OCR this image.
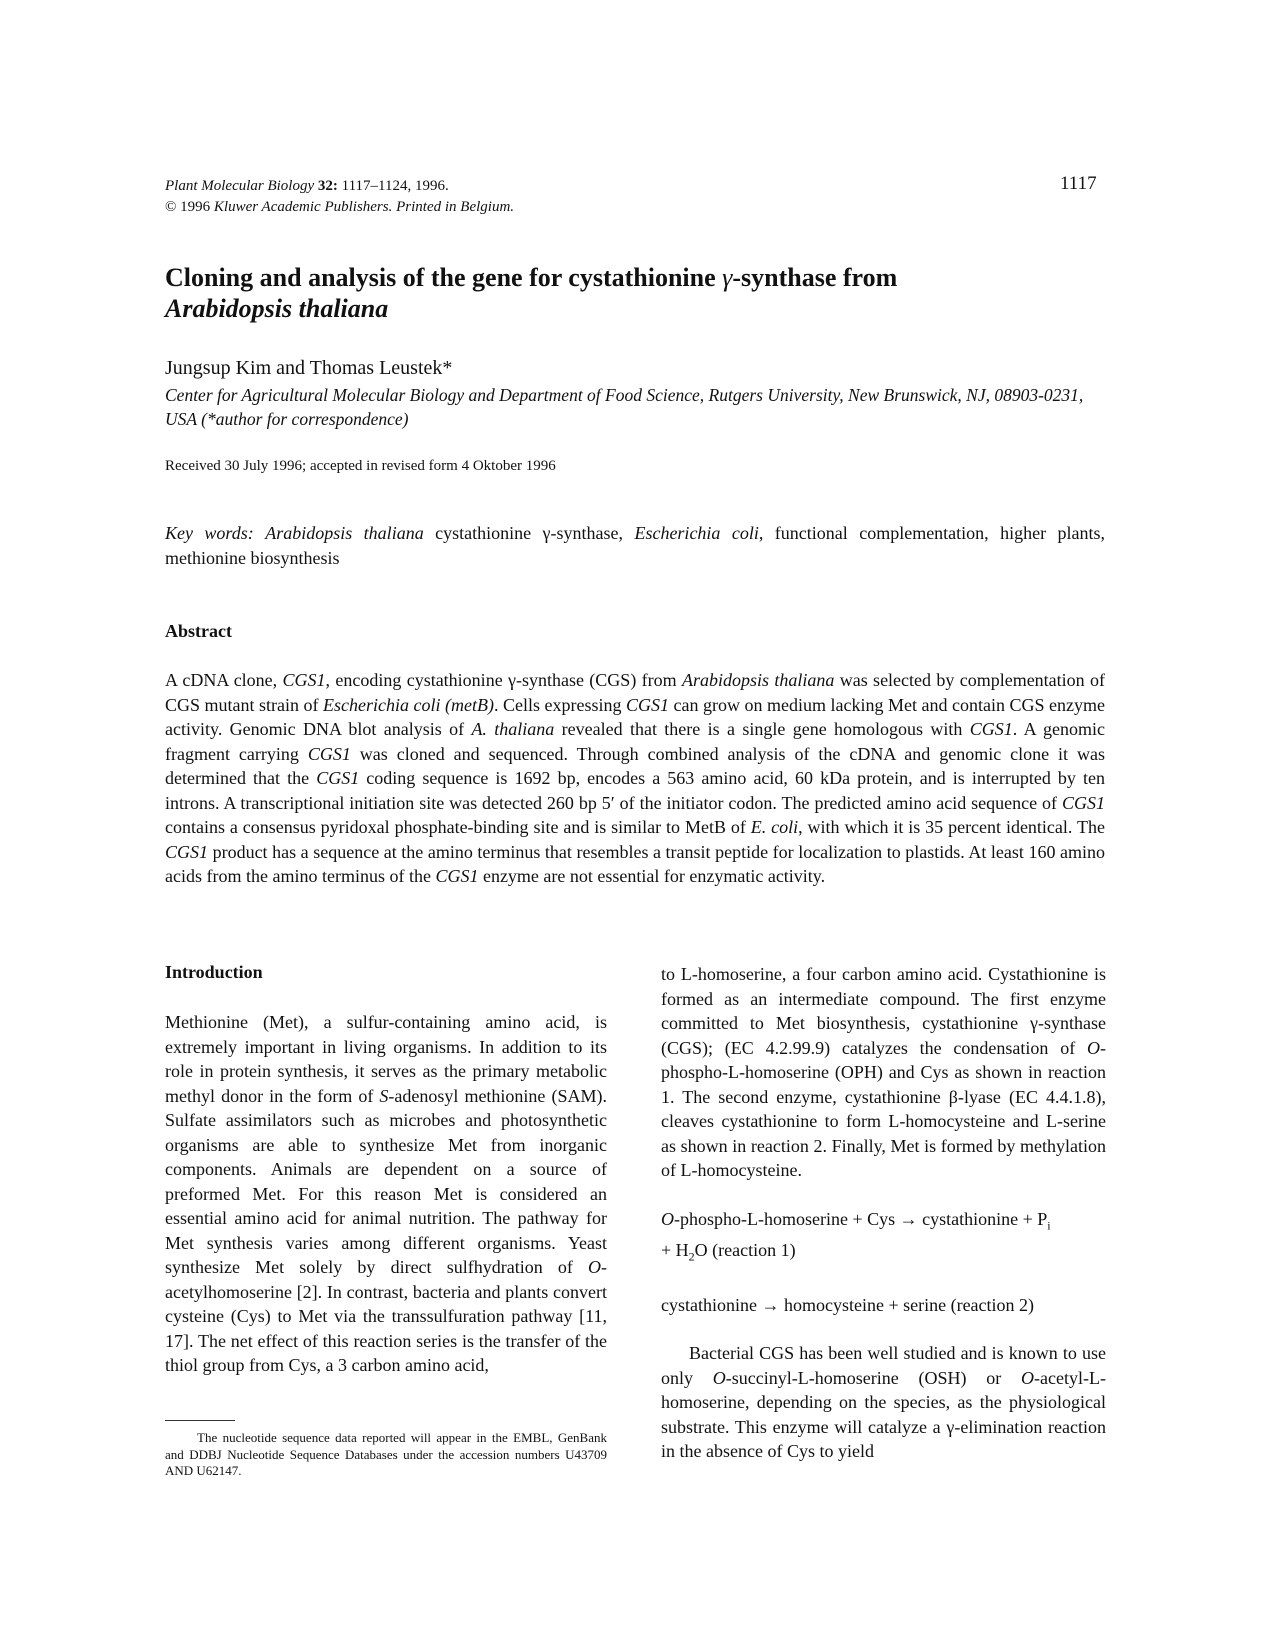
Plant Molecular Biology 32: 1117–1124, 1996.
© 1996 Kluwer Academic Publishers. Printed in Belgium.
1117
Cloning and analysis of the gene for cystathionine γ-synthase from
Arabidopsis thaliana
Jungsup Kim and Thomas Leustek*
Center for Agricultural Molecular Biology and Department of Food Science, Rutgers University, New Brunswick, NJ, 08903-0231, USA (*author for correspondence)
Received 30 July 1996; accepted in revised form 4 Oktober 1996
Key words: Arabidopsis thaliana cystathionine γ-synthase, Escherichia coli, functional complementation, higher plants, methionine biosynthesis
Abstract
A cDNA clone, CGS1, encoding cystathionine γ-synthase (CGS) from Arabidopsis thaliana was selected by complementation of CGS mutant strain of Escherichia coli (metB). Cells expressing CGS1 can grow on medium lacking Met and contain CGS enzyme activity. Genomic DNA blot analysis of A. thaliana revealed that there is a single gene homologous with CGS1. A genomic fragment carrying CGS1 was cloned and sequenced. Through combined analysis of the cDNA and genomic clone it was determined that the CGS1 coding sequence is 1692 bp, encodes a 563 amino acid, 60 kDa protein, and is interrupted by ten introns. A transcriptional initiation site was detected 260 bp 5′ of the initiator codon. The predicted amino acid sequence of CGS1 contains a consensus pyridoxal phosphate-binding site and is similar to MetB of E. coli, with which it is 35 percent identical. The CGS1 product has a sequence at the amino terminus that resembles a transit peptide for localization to plastids. At least 160 amino acids from the amino terminus of the CGS1 enzyme are not essential for enzymatic activity.
Introduction
Methionine (Met), a sulfur-containing amino acid, is extremely important in living organisms. In addition to its role in protein synthesis, it serves as the primary metabolic methyl donor in the form of S-adenosyl methionine (SAM). Sulfate assimilators such as microbes and photosynthetic organisms are able to synthesize Met from inorganic components. Animals are dependent on a source of preformed Met. For this reason Met is considered an essential amino acid for animal nutrition. The pathway for Met synthesis varies among different organisms. Yeast synthesize Met solely by direct sulfhydration of O-acetylhomoserine [2]. In contrast, bacteria and plants convert cysteine (Cys) to Met via the transsulfuration pathway [11, 17]. The net effect of this reaction series is the transfer of the thiol group from Cys, a 3 carbon amino acid,
The nucleotide sequence data reported will appear in the EMBL, GenBank and DDBJ Nucleotide Sequence Databases under the accession numbers U43709 AND U62147.

to L-homoserine, a four carbon amino acid. Cystathionine is formed as an intermediate compound. The first enzyme committed to Met biosynthesis, cystathionine γ-synthase (CGS); (EC 4.2.99.9) catalyzes the condensation of O-phospho-L-homoserine (OPH) and Cys as shown in reaction 1. The second enzyme, cystathionine β-lyase (EC 4.4.1.8), cleaves cystathionine to form L-homocysteine and L-serine as shown in reaction 2. Finally, Met is formed by methylation of L-homocysteine.

O-phospho-L-homoserine + Cys → cystathionine + $P_i$
+ $H_2O$ (reaction 1)

cystathionine → homocysteine + serine (reaction 2)

Bacterial CGS has been well studied and is known to use only O-succinyl-L-homoserine (OSH) or O-acetyl-L-homoserine, depending on the species, as the physiological substrate. This enzyme will catalyze a γ-elimination reaction in the absence of Cys to yield
